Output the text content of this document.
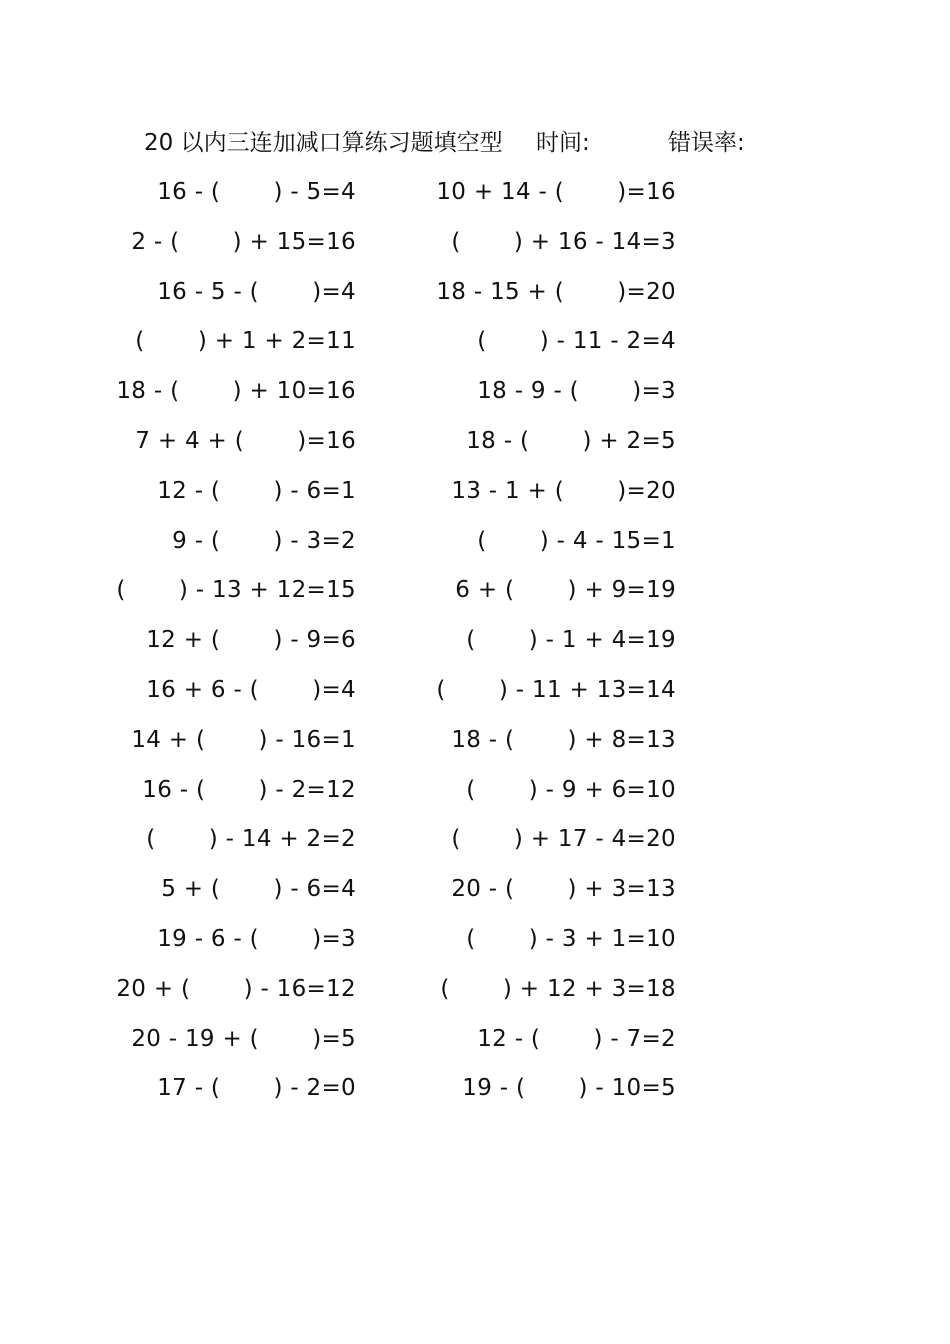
20 以内三连加减口算练习题填空型 时间:	错误率:
16 - (       ) - 5=4	10 + 14 - (       )=16
2 - (       ) + 15=16	(       ) + 16 - 14=3
16 - 5 - (       )=4	18 - 15 + (       )=20
(       ) + 1 + 2=11	(       ) - 11 - 2=4
18 - (       ) + 10=16	18 - 9 - (       )=3
7 + 4 + (       )=16	18 - (       ) + 2=5
12 - (       ) - 6=1	13 - 1 + (       )=20
9 - (       ) - 3=2	(       ) - 4 - 15=1
(       ) - 13 + 12=15	6 + (       ) + 9=19
12 + (       ) - 9=6	(       ) - 1 + 4=19
16 + 6 - (       )=4	(       ) - 11 + 13=14
14 + (       ) - 16=1	18 - (       ) + 8=13
16 - (       ) - 2=12	(       ) - 9 + 6=10
(       ) - 14 + 2=2	(       ) + 17 - 4=20
5 + (       ) - 6=4	20 - (       ) + 3=13
19 - 6 - (       )=3	(       ) - 3 + 1=10
20 + (       ) - 16=12	(       ) + 12 + 3=18
20 - 19 + (       )=5	12 - (       ) - 7=2
17 - (       ) - 2=0	19 - (       ) - 10=5
